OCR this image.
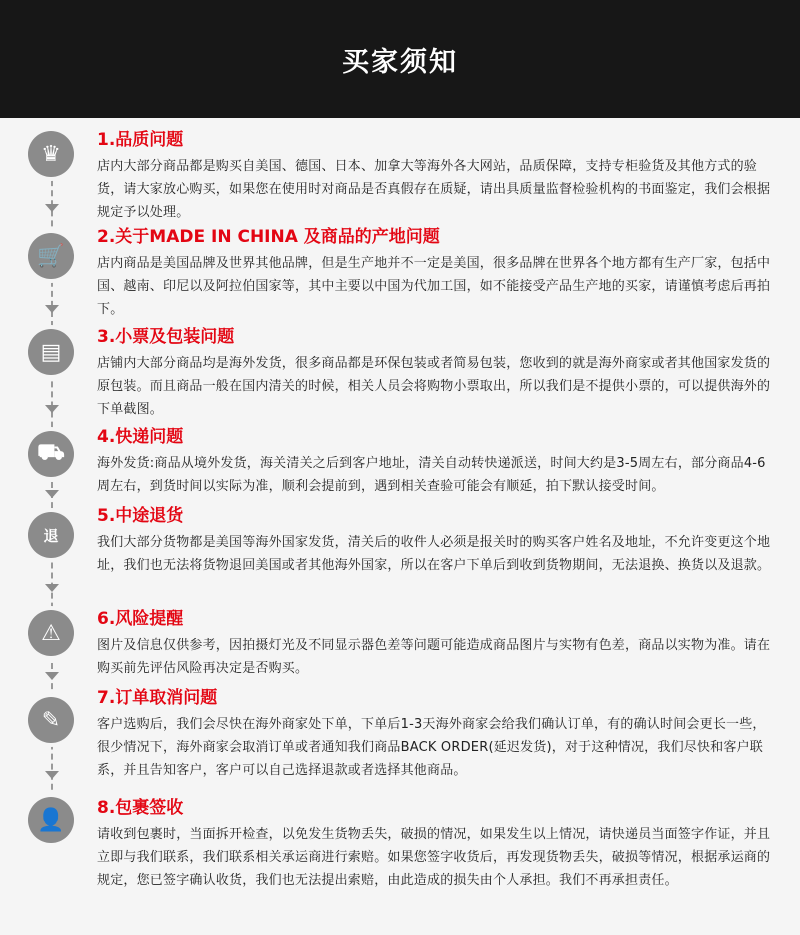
买家须知
♛
🛒
▤
⛟
退
⚠
✎
👤
1.品质问题
店内大部分商品都是购买自美国、德国、日本、加拿大等海外各大网站，品质保障，支持专柜验货及其他方式的验货，请大家放心购买，如果您在使用时对商品是否真假存在质疑，请出具质量监督检验机构的书面鉴定，我们会根据规定予以处理。
2.关于MADE IN CHINA 及商品的产地问题
店内商品是美国品牌及世界其他品牌，但是生产地并不一定是美国，很多品牌在世界各个地方都有生产厂家，包括中国、越南、印尼以及阿拉伯国家等，其中主要以中国为代加工国，如不能接受产品生产地的买家，请谨慎考虑后再拍下。
3.小票及包装问题
店铺内大部分商品均是海外发货，很多商品都是环保包装或者简易包装，您收到的就是海外商家或者其他国家发货的原包装。而且商品一般在国内清关的时候，相关人员会将购物小票取出，所以我们是不提供小票的，可以提供海外的下单截图。
4.快递问题
海外发货:商品从境外发货，海关清关之后到客户地址，清关自动转快递派送，时间大约是3-5周左右，部分商品4-6周左右，到货时间以实际为准，顺利会提前到，遇到相关查验可能会有顺延，拍下默认接受时间。
5.中途退货
我们大部分货物都是美国等海外国家发货，清关后的收件人必须是报关时的购买客户姓名及地址，不允许变更这个地址，我们也无法将货物退回美国或者其他海外国家，所以在客户下单后到收到货物期间，无法退换、换货以及退款。
6.风险提醒
图片及信息仅供参考，因拍摄灯光及不同显示器色差等问题可能造成商品图片与实物有色差，商品以实物为准。请在购买前先评估风险再决定是否购买。
7.订单取消问题
客户选购后，我们会尽快在海外商家处下单，下单后1-3天海外商家会给我们确认订单，有的确认时间会更长一些，很少情况下，海外商家会取消订单或者通知我们商品BACK ORDER(延迟发货)，对于这种情况，我们尽快和客户联系，并且告知客户，客户可以自己选择退款或者选择其他商品。
8.包裹签收
请收到包裹时，当面拆开检查，以免发生货物丢失，破损的情况，如果发生以上情况，请快递员当面签字作证，并且立即与我们联系，我们联系相关承运商进行索赔。如果您签字收货后，再发现货物丢失，破损等情况，根据承运商的规定，您已签字确认收货，我们也无法提出索赔，由此造成的损失由个人承担。我们不再承担责任。
